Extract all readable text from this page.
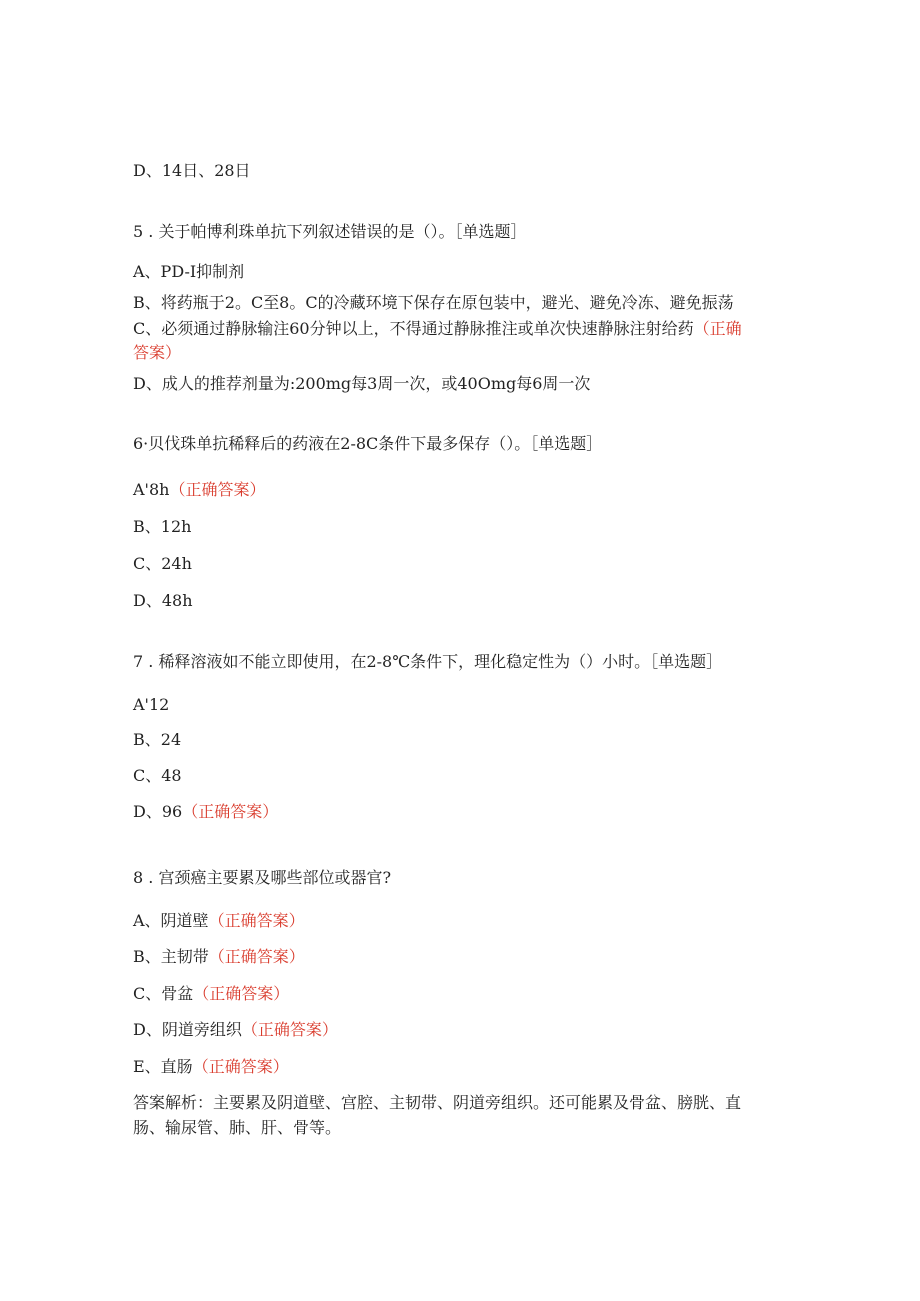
D、14日、28日
5 . 关于帕博利珠单抗下列叙述错误的是（）。［单选题］
A、PD-I抑制剂
B、将药瓶于2。C至8。C的冷藏环境下保存在原包装中，避光、避免冷冻、避免振荡
C、必须通过静脉输注60分钟以上，不得通过静脉推注或单次快速静脉注射给药（正确
答案）
D、成人的推荐剂量为:200mg每3周一次，或40Omg每6周一次
6·贝伐珠单抗稀释后的药液在2-8C条件下最多保存（）。［单选题］
A'8h（正确答案）
B、12h
C、24h
D、48h
7 . 稀释溶液如不能立即使用，在2-8℃条件下，理化稳定性为（）小时。［单选题］
A'12
B、24
C、48
D、96（正确答案）
8 . 宫颈癌主要累及哪些部位或器官?
A、阴道壁（正确答案）
B、主韧带（正确答案）
C、骨盆（正确答案）
D、阴道旁组织（正确答案）
E、直肠（正确答案）
答案解析：主要累及阴道壁、宫腔、主韧带、阴道旁组织。还可能累及骨盆、膀胱、直
肠、输尿管、肺、肝、骨等。
